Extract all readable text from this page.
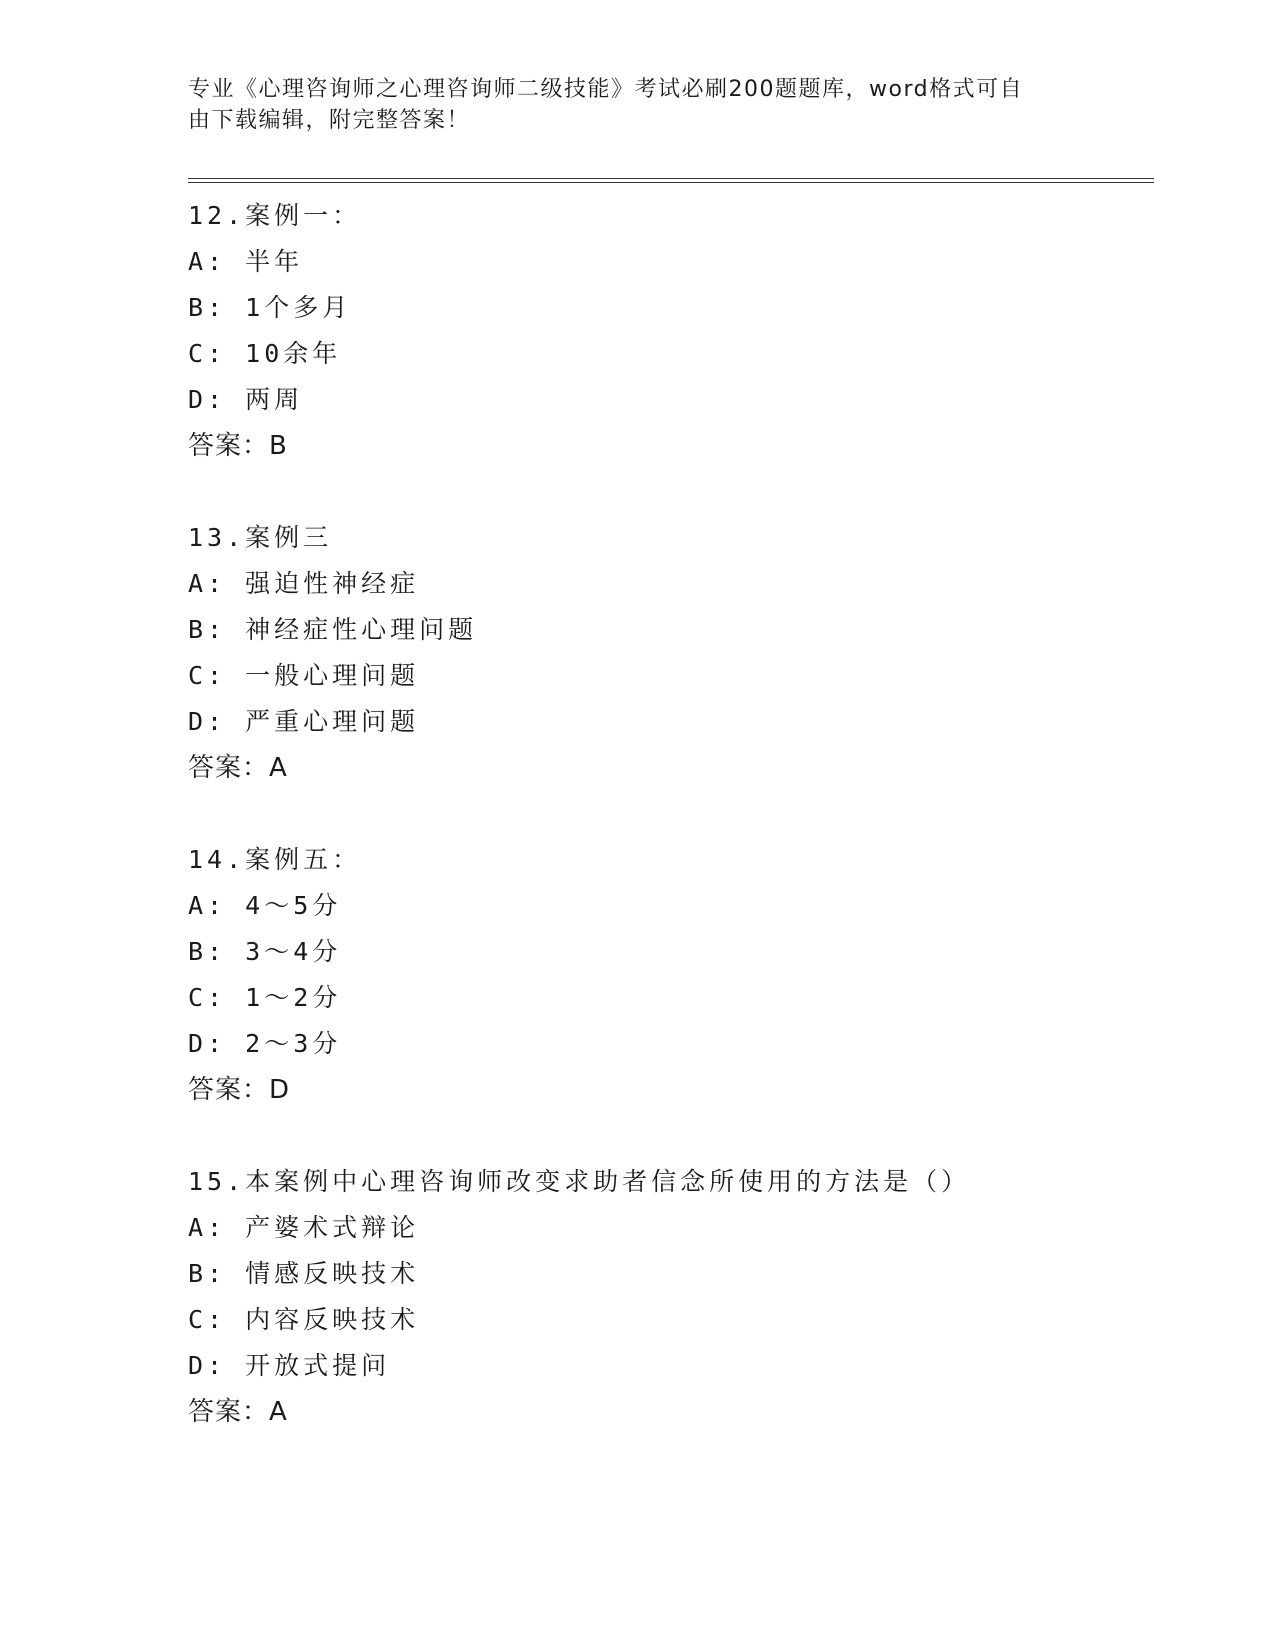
专业《心理咨询师之心理咨询师二级技能》考试必刷200题题库，word格式可自
由下载编辑，附完整答案！
12.案例一：
A: 半年
B: 1个多月
C: 10余年
D: 两周
答案：B
13.案例三
A: 强迫性神经症
B: 神经症性心理问题
C: 一般心理问题
D: 严重心理问题
答案：A
14.案例五：
A: 4～5分
B: 3～4分
C: 1～2分
D: 2～3分
答案：D
15.本案例中心理咨询师改变求助者信念所使用的方法是（）
A: 产婆术式辩论
B: 情感反映技术
C: 内容反映技术
D: 开放式提问
答案：A
